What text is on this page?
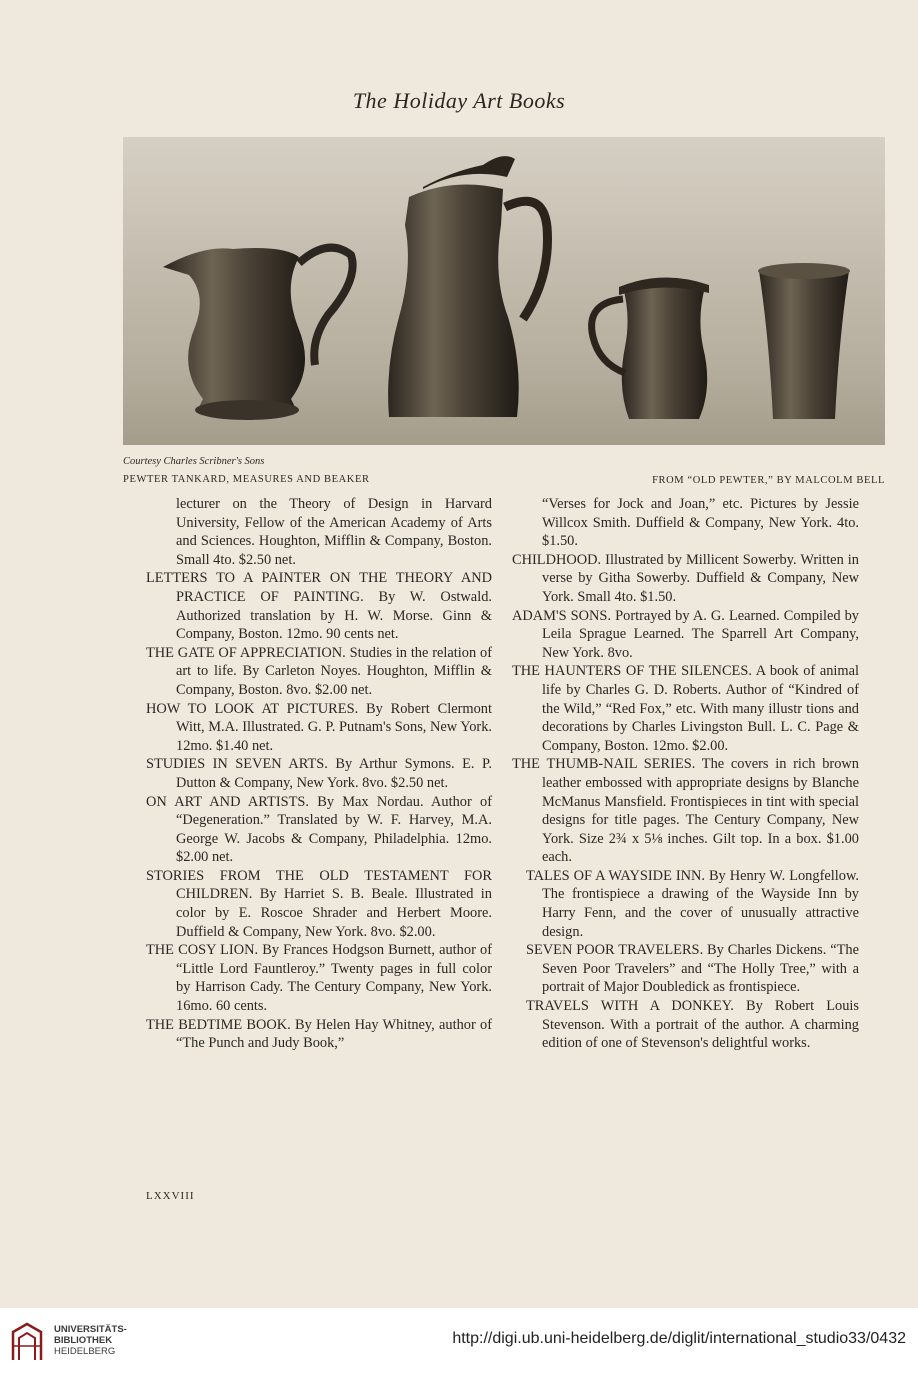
The Holiday Art Books
Courtesy Charles Scribner's Sons
PEWTER TANKARD, MEASURES AND BEAKER	FROM “OLD PEWTER,” BY MALCOLM BELL

lecturer on the Theory of Design in Harvard University, Fellow of the American Academy of Arts and Sciences. Houghton, Mifflin & Company, Boston. Small 4to. $2.50 net.

LETTERS TO A PAINTER ON THE THEORY AND PRACTICE OF PAINTING. By W. Ostwald. Authorized translation by H. W. Morse. Ginn & Company, Boston. 12mo. 90 cents net.

THE GATE OF APPRECIATION. Studies in the relation of art to life. By Carleton Noyes. Houghton, Mifflin & Company, Boston. 8vo. $2.00 net.

HOW TO LOOK AT PICTURES. By Robert Clermont Witt, M.A. Illustrated. G. P. Putnam's Sons, New York. 12mo. $1.40 net.

STUDIES IN SEVEN ARTS. By Arthur Symons. E. P. Dutton & Company, New York. 8vo. $2.50 net.

ON ART AND ARTISTS. By Max Nordau. Author of “Degeneration.” Translated by W. F. Harvey, M.A. George W. Jacobs & Company, Philadelphia. 12mo. $2.00 net.

STORIES FROM THE OLD TESTAMENT FOR CHILDREN. By Harriet S. B. Beale. Illustrated in color by E. Roscoe Shrader and Herbert Moore. Duffield & Company, New York. 8vo. $2.00.

THE COSY LION. By Frances Hodgson Burnett, author of “Little Lord Fauntleroy.” Twenty pages in full color by Harrison Cady. The Century Company, New York. 16mo. 60 cents.

THE BEDTIME BOOK. By Helen Hay Whitney, author of “The Punch and Judy Book,”

“Verses for Jock and Joan,” etc. Pictures by Jessie Willcox Smith. Duffield & Company, New York. 4to. $1.50.

CHILDHOOD. Illustrated by Millicent Sowerby. Written in verse by Githa Sowerby. Duffield & Company, New York. Small 4to. $1.50.

ADAM'S SONS. Portrayed by A. G. Learned. Compiled by Leila Sprague Learned. The Sparrell Art Company, New York. 8vo.

THE HAUNTERS OF THE SILENCES. A book of animal life by Charles G. D. Roberts. Author of “Kindred of the Wild,” “Red Fox,” etc. With many illustr tions and decorations by Charles Livingston Bull. L. C. Page & Company, Boston. 12mo. $2.00.

THE THUMB-NAIL SERIES. The covers in rich brown leather embossed with appropriate designs by Blanche McManus Mansfield. Frontispieces in tint with special designs for title pages. The Century Company, New York. Size 2¾ x 5⅛ inches. Gilt top. In a box. $1.00 each.

TALES OF A WAYSIDE INN. By Henry W. Longfellow. The frontispiece a drawing of the Wayside Inn by Harry Fenn, and the cover of unusually attractive design.

SEVEN POOR TRAVELERS. By Charles Dickens. “The Seven Poor Travelers” and “The Holly Tree,” with a portrait of Major Doubledick as frontispiece.

TRAVELS WITH A DONKEY. By Robert Louis Stevenson. With a portrait of the author. A charming edition of one of Stevenson's delightful works.

LXXVIII
UNIVERSITÄTS-
BIBLIOTHEK
HEIDELBERG
http://digi.ub.uni-heidelberg.de/diglit/international_studio33/0432
